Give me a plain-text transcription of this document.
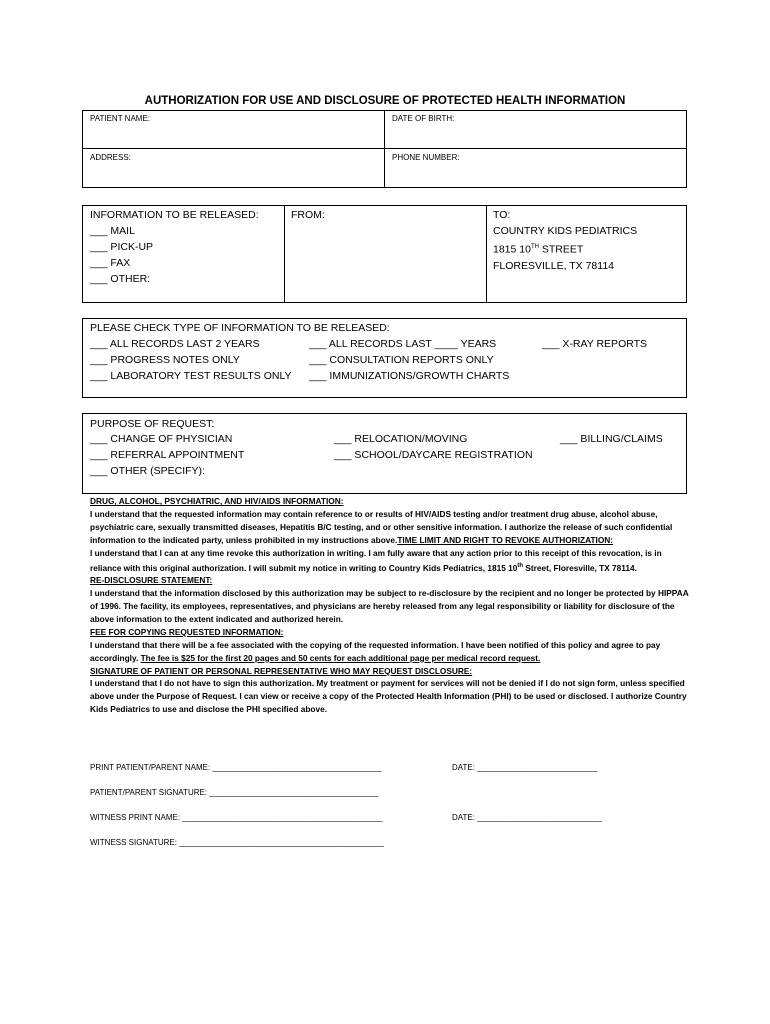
AUTHORIZATION FOR USE AND DISCLOSURE OF PROTECTED HEALTH INFORMATION
PATIENT NAME:	DATE OF BIRTH:
ADDRESS:	PHONE NUMBER:
INFORMATION TO BE RELEASED:
___ MAIL
___ PICK-UP
___ FAX
___ OTHER:
FROM:	TO:
COUNTRY KIDS PEDIATRICS
1815 10TH STREET
FLORESVILLE, TX 78114
PLEASE CHECK TYPE OF INFORMATION TO BE RELEASED:
___ ALL RECORDS LAST 2 YEARS
___ PROGRESS NOTES ONLY
___ LABORATORY TEST RESULTS ONLY
___ ALL RECORDS LAST ____ YEARS
___ CONSULTATION REPORTS ONLY
___ IMMUNIZATIONS/GROWTH CHARTS
___ X-RAY REPORTS
PURPOSE OF REQUEST:
___ CHANGE OF PHYSICIAN
___ REFERRAL APPOINTMENT
___ OTHER (SPECIFY):
___ RELOCATION/MOVING
___ SCHOOL/DAYCARE REGISTRATION
___ BILLING/CLAIMS

DRUG, ALCOHOL, PSYCHIATRIC, AND HIV/AIDS INFORMATION:

I understand that the requested information may contain reference to or results of HIV/AIDS testing and/or treatment drug abuse, alcohol abuse, psychiatric care, sexually transmitted diseases, Hepatitis B/C testing, and or other sensitive information. I authorize the release of such confidential information to the indicated party, unless prohibited in my instructions above.TIME LIMIT AND RIGHT TO REVOKE AUTHORIZATION:

I understand that I can at any time revoke this authorization in writing. I am fully aware that any action prior to this receipt of this revocation, is in reliance with this original authorization. I will submit my notice in writing to Country Kids Pediatrics, 1815 10th Street, Floresville, TX 78114.

RE-DISCLOSURE STATEMENT:

I understand that the information disclosed by this authorization may be subject to re-disclosure by the recipient and no longer be protected by HIPPAA of 1996. The facility, its employees, representatives, and physicians are hereby released from any legal responsibility or liability for disclosure of the above information to the extent indicated and authorized herein.

FEE FOR COPYING REQUESTED INFORMATION:

I understand that there will be a fee associated with the copying of the requested information. I have been notified of this policy and agree to pay accordingly. The fee is $25 for the first 20 pages and 50 cents for each additional page per medical record request.

SIGNATURE OF PATIENT OR PERSONAL REPRESENTATIVE WHO MAY REQUEST DISCLOSURE:

I understand that I do not have to sign this authorization. My treatment or payment for services will not be denied if I do not sign form, unless specified above under the Purpose of Request. I can view or receive a copy of the Protected Health Information (PHI) to be used or disclosed. I authorize Country Kids Pediatrics to use and disclose the PHI specified above.

PRINT PATIENT/PARENT NAME: ______________________________________	DATE: ___________________________
PATIENT/PARENT SIGNATURE: ______________________________________
WITNESS PRINT NAME: _____________________________________________	DATE: ____________________________
WITNESS SIGNATURE: ______________________________________________
